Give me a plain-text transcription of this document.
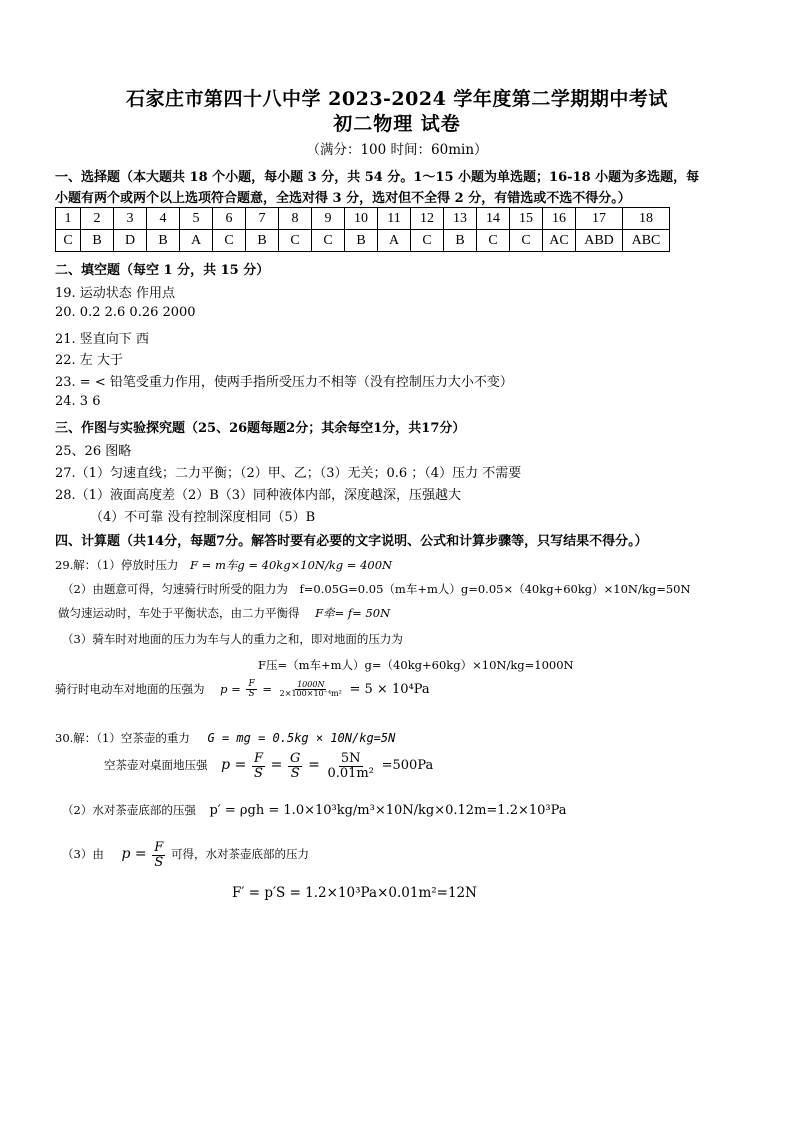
石家庄市第四十八中学 2023-2024 学年度第二学期期中考试
初二物理 试卷
（满分：100 时间：60min）
一、选择题（本大题共 18 个小题，每小题 3 分，共 54 分。1～15 小题为单选题；16-18 小题为多选题，每
小题有两个或两个以上选项符合题意，全选对得 3 分，选对但不全得 2 分，有错选或不选不得分。）
1	2	3	4	5	6	7	8	9	10	11	12	13	14	15	16	17	18
C	B	D	B	A	C	B	C	C	B	A	C	B	C	C	AC	ABD	ABC
二、填空题（每空 1 分，共 15 分）
19. 运动状态 作用点
20. 0.2 2.6 0.26 2000
21. 竖直向下 西
22. 左 大于
23. = < 铅笔受重力作用，使两手指所受压力不相等（没有控制压力大小不变）
24. 3 6
三、作图与实验探究题（25、26题每题2分；其余每空1分，共17分）
25、26 图略
27.（1）匀速直线；二力平衡；（2）甲、乙；（3）无关；0.6 ；（4）压力 不需要
28.（1）液面高度差（2）B（3）同种液体内部，深度越深，压强越大
（4）不可靠 没有控制深度相同（5）B
四、计算题（共14分，每题7分。解答时要有必要的文字说明、公式和计算步骤等，只写结果不得分。）
29.解：（1）停放时压力 F = m车g = 40kg×10N/kg = 400N
（2）由题意可得，匀速骑行时所受的阻力为 f=0.05G=0.05（m车+m人）g=0.05×（40kg+60kg）×10N/kg=50N
做匀速运动时，车处于平衡状态，由二力平衡得 F牵= f= 50N
（3）骑车时对地面的压力为车与人的重力之和，即对地面的压力为
F压=（m车+m人）g=（40kg+60kg）×10N/kg=1000N
骑行时电动车对地面的压强为 $p = \frac{F}{S} = \frac{1000N}{\text{2×100×10⁻⁴m²}} = 5 \times 10^4Pa$
30.解：（1）空茶壶的重力 G = mg = 0.5kg × 10N/kg=5N
空茶壶对桌面地压强 $p = \frac{F}{S} = \frac{G}{S} = \frac{5N}{\text{0.01m²}} =500Pa$
（2）水对茶壶底部的压强 p′ = ρgh = 1.0×10³kg/m³×10N/kg×0.12m=1.2×10³Pa
（3）由 $p = \frac{F}{S}$ 可得，水对茶壶底部的压力
F′ = p′S = 1.2×10³Pa×0.01m²=12N
